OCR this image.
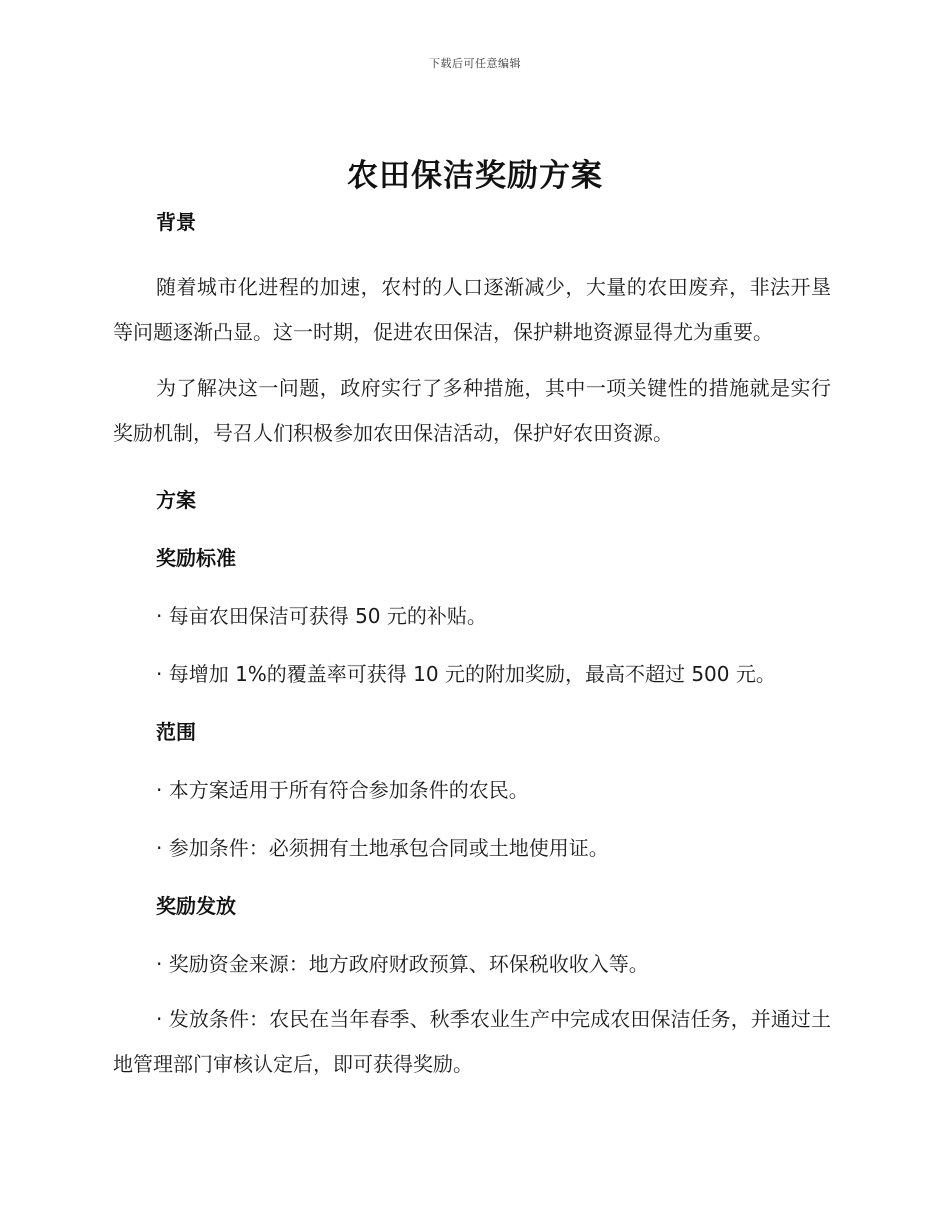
下载后可任意编辑
农田保洁奖励方案

背景

随着城市化进程的加速，农村的人口逐渐减少，大量的农田废弃，非法开垦等问题逐渐凸显。这一时期，促进农田保洁，保护耕地资源显得尤为重要。

为了解决这一问题，政府实行了多种措施，其中一项关键性的措施就是实行奖励机制，号召人们积极参加农田保洁活动，保护好农田资源。

方案

奖励标准

· 每亩农田保洁可获得 50 元的补贴。

· 每增加 1%的覆盖率可获得 10 元的附加奖励，最高不超过 500 元。

范围

· 本方案适用于所有符合参加条件的农民。

· 参加条件：必须拥有土地承包合同或土地使用证。

奖励发放

· 奖励资金来源：地方政府财政预算、环保税收收入等。

· 发放条件：农民在当年春季、秋季农业生产中完成农田保洁任务，并通过土地管理部门审核认定后，即可获得奖励。
